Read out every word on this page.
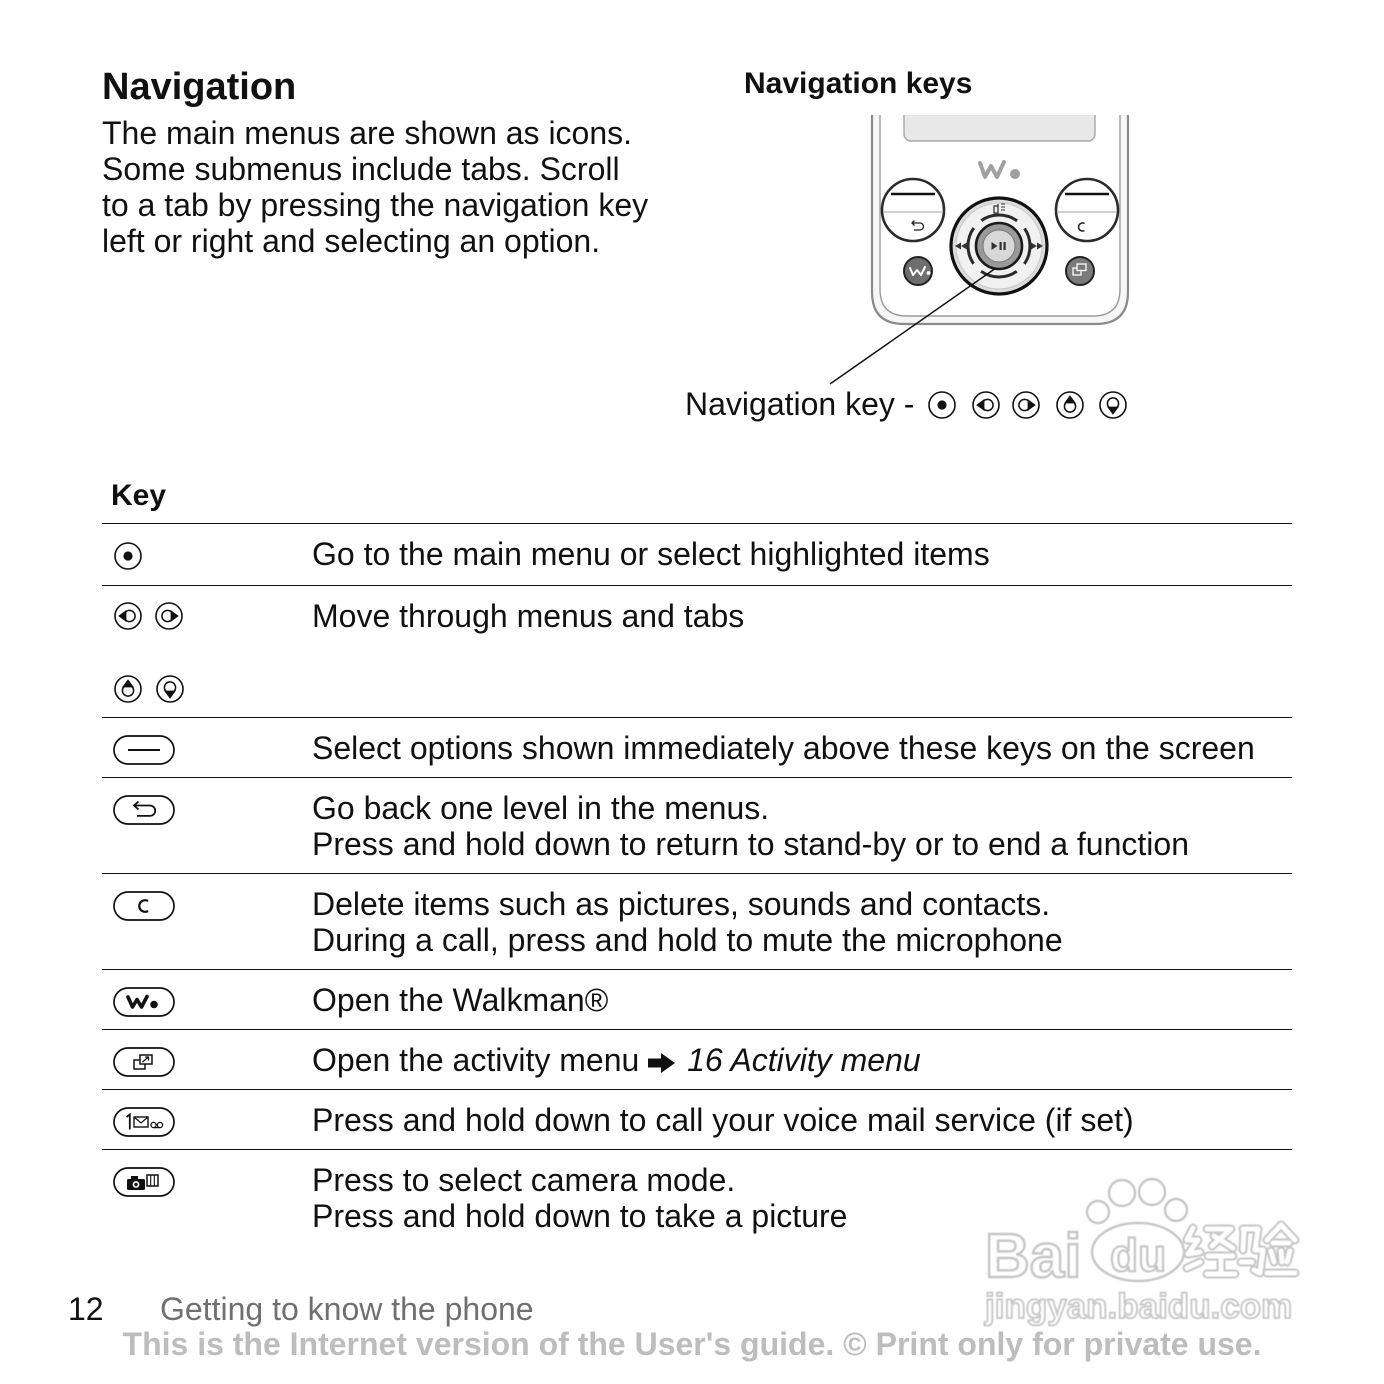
Navigation
The main menus are shown as icons.
Some submenus include tabs. Scroll
to a tab by pressing the navigation key
left or right and selecting an option.
Navigation keys
Navigation key -
Key
Go to the main menu or select highlighted items
Move through menus and tabs
Select options shown immediately above these keys on the screen
Go back one level in the menus.
Press and hold down to return to stand-by or to end a function
Delete items such as pictures, sounds and contacts.
During a call, press and hold to mute the microphone
Open the Walkman®
Open the activity menu 16 Activity menu
Press and hold down to call your voice mail service (if set)
Press to select camera mode.
Press and hold down to take a picture
Bai du
jingyan.baidu.com
12 Getting to know the phone
This is the Internet version of the User's guide. © Print only for private use.
